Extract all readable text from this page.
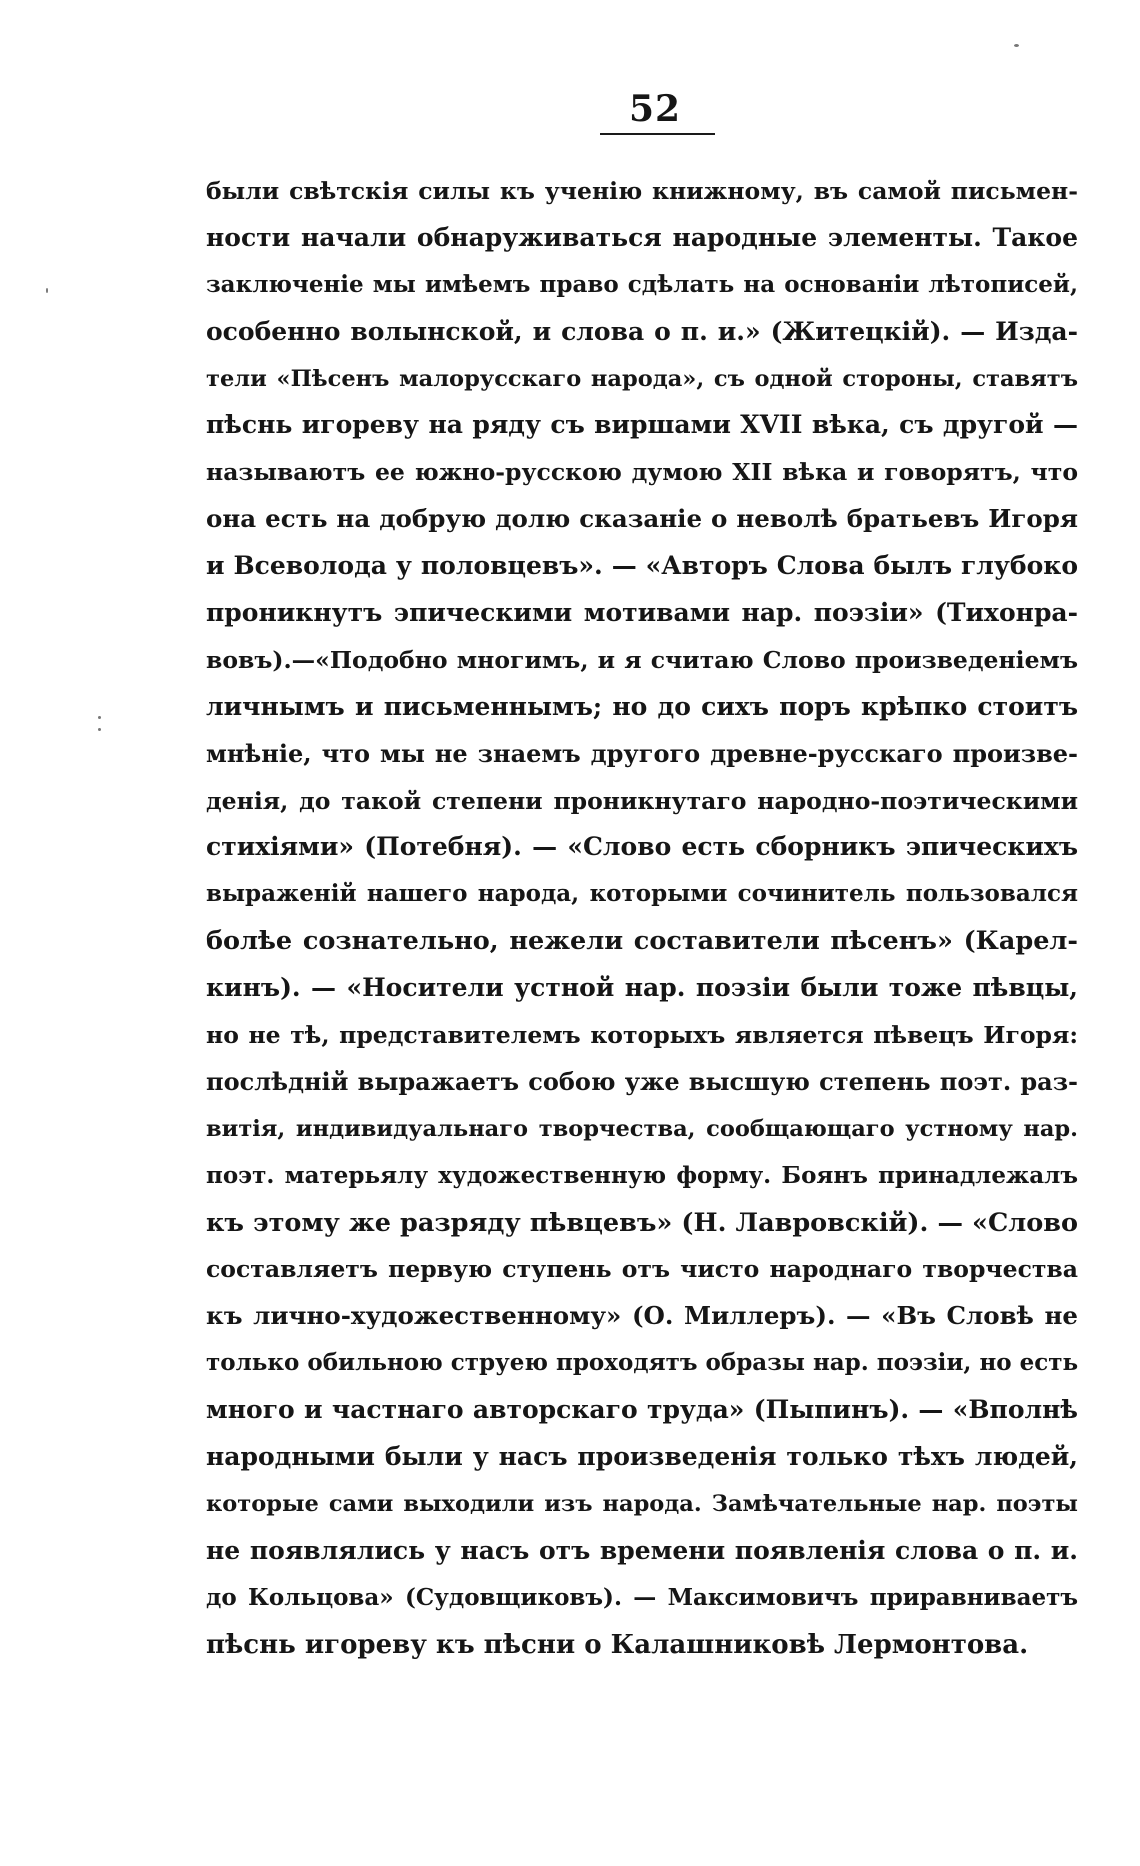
52
были свѣтскія силы къ ученію книжному, въ самой письмен-
ности начали обнаруживаться народные элементы. Такое
заключеніе мы имѣемъ право сдѣлать на основаніи лѣтописей,
особенно волынской, и слова о п. и.» (Житецкій). — Изда-
тели «Пѣсенъ малорусскаго народа», съ одной стороны, ставятъ
пѣснь игореву на ряду съ виршами XVII вѣка, съ другой —
называютъ ее южно-русскою думою XII вѣка и говорятъ, что
она есть на добрую долю сказаніе о неволѣ братьевъ Игоря
и Всеволода у половцевъ». — «Авторъ Слова былъ глубоко
проникнутъ эпическими мотивами нар. поэзіи» (Тихонра-
вовъ).—«Подобно многимъ, и я считаю Слово произведеніемъ
личнымъ и письменнымъ; но до сихъ поръ крѣпко стоитъ
мнѣніе, что мы не знаемъ другого древне-русскаго произве-
денія, до такой степени проникнутаго народно-поэтическими
стихіями» (Потебня). — «Слово есть сборникъ эпическихъ
выраженій нашего народа, которыми сочинитель пользовался
болѣе сознательно, нежели составители пѣсенъ» (Карел-
кинъ). — «Носители устной нар. поэзіи были тоже пѣвцы,
но не тѣ, представителемъ которыхъ является пѣвецъ Игоря:
послѣдній выражаетъ собою уже высшую степень поэт. раз-
витія, индивидуальнаго творчества, сообщающаго устному нар.
поэт. матерьялу художественную форму. Боянъ принадлежалъ
къ этому же разряду пѣвцевъ» (Н. Лавровскій). — «Слово
составляетъ первую ступень отъ чисто народнаго творчества
къ лично-художественному» (О. Миллеръ). — «Въ Словѣ не
только обильною струею проходятъ образы нар. поэзіи, но есть
много и частнаго авторскаго труда» (Пыпинъ). — «Вполнѣ
народными были у насъ произведенія только тѣхъ людей,
которые сами выходили изъ народа. Замѣчательные нар. поэты
не появлялись у насъ отъ времени появленія слова о п. и.
до Кольцова» (Судовщиковъ). — Максимовичъ приравниваетъ
пѣснь игореву къ пѣсни о Калашниковѣ Лермонтова.
